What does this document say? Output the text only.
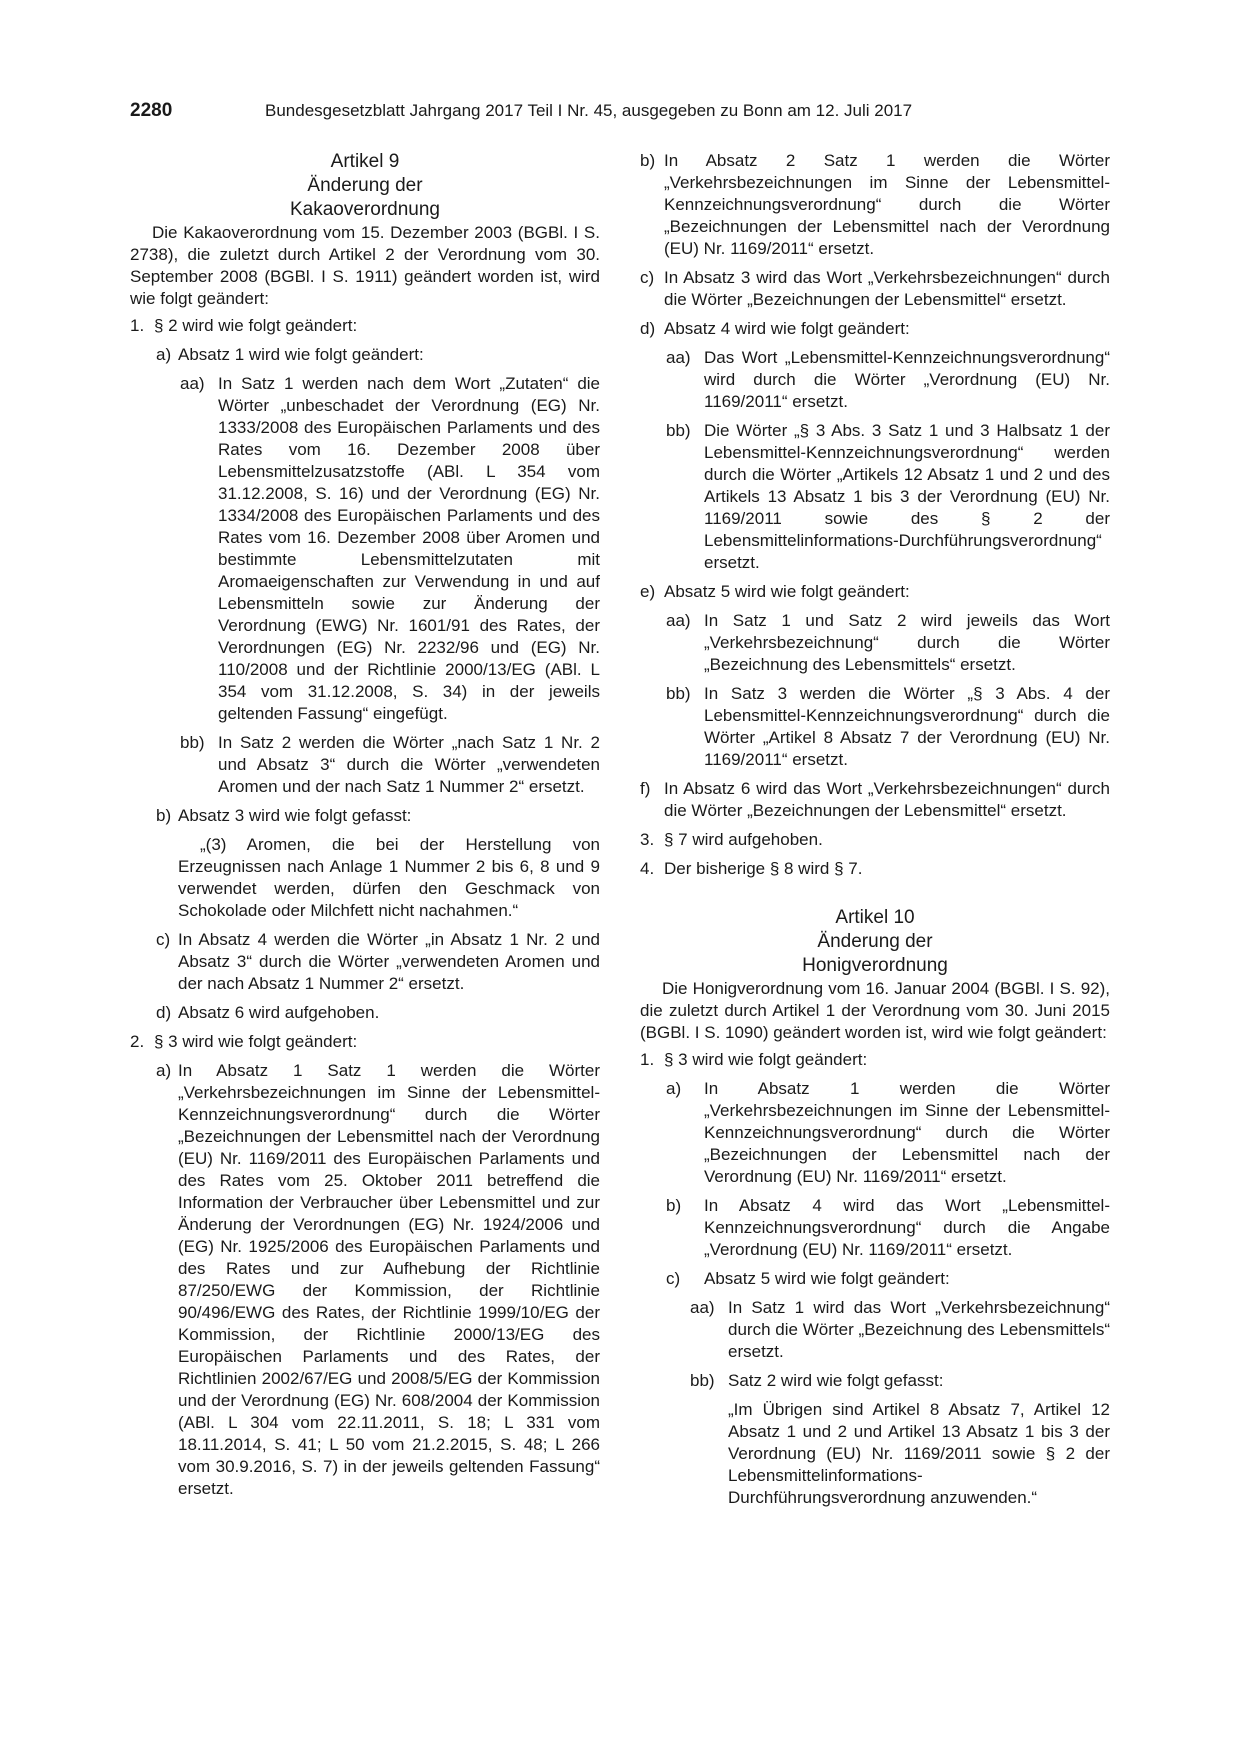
2280	Bundesgesetzblatt Jahrgang 2017 Teil I Nr. 45, ausgegeben zu Bonn am 12. Juli 2017

Artikel 9

Änderung der
Kakaoverordnung

Die Kakaoverordnung vom 15. Dezember 2003 (BGBl. I S. 2738), die zuletzt durch Artikel 2 der Verordnung vom 30. September 2008 (BGBl. I S. 1911) geändert worden ist, wird wie folgt geändert:

1. § 2 wird wie folgt geändert:

a) Absatz 1 wird wie folgt geändert:

aa) In Satz 1 werden nach dem Wort „Zutaten“ die Wörter „unbeschadet der Verordnung (EG) Nr. 1333/2008 des Europäischen Parlaments und des Rates vom 16. Dezember 2008 über Lebensmittelzusatzstoffe (ABl. L 354 vom 31.12.2008, S. 16) und der Verordnung (EG) Nr. 1334/2008 des Europäischen Parlaments und des Rates vom 16. Dezember 2008 über Aromen und bestimmte Lebensmittelzutaten mit Aromaeigenschaften zur Verwendung in und auf Lebensmitteln sowie zur Änderung der Verordnung (EWG) Nr. 1601/91 des Rates, der Verordnungen (EG) Nr. 2232/96 und (EG) Nr. 110/2008 und der Richtlinie 2000/13/EG (ABl. L 354 vom 31.12.2008, S. 34) in der jeweils geltenden Fassung“ eingefügt.

bb) In Satz 2 werden die Wörter „nach Satz 1 Nr. 2 und Absatz 3“ durch die Wörter „verwendeten Aromen und der nach Satz 1 Nummer 2“ ersetzt.

b) Absatz 3 wird wie folgt gefasst:

„(3) Aromen, die bei der Herstellung von Erzeugnissen nach Anlage 1 Nummer 2 bis 6, 8 und 9 verwendet werden, dürfen den Geschmack von Schokolade oder Milchfett nicht nachahmen.“

c) In Absatz 4 werden die Wörter „in Absatz 1 Nr. 2 und Absatz 3“ durch die Wörter „verwendeten Aromen und der nach Absatz 1 Nummer 2“ ersetzt.

d) Absatz 6 wird aufgehoben.

2. § 3 wird wie folgt geändert:

a) In Absatz 1 Satz 1 werden die Wörter „Verkehrsbezeichnungen im Sinne der Lebensmittel-Kennzeichnungsverordnung“ durch die Wörter „Bezeichnungen der Lebensmittel nach der Verordnung (EU) Nr. 1169/2011 des Europäischen Parlaments und des Rates vom 25. Oktober 2011 betreffend die Information der Verbraucher über Lebensmittel und zur Änderung der Verordnungen (EG) Nr. 1924/2006 und (EG) Nr. 1925/2006 des Europäischen Parlaments und des Rates und zur Aufhebung der Richtlinie 87/250/EWG der Kommission, der Richtlinie 90/496/EWG des Rates, der Richtlinie 1999/10/EG der Kommission, der Richtlinie 2000/13/EG des Europäischen Parlaments und des Rates, der Richtlinien 2002/67/EG und 2008/5/EG der Kommission und der Verordnung (EG) Nr. 608/2004 der Kommission (ABl. L 304 vom 22.11.2011, S. 18; L 331 vom 18.11.2014, S. 41; L 50 vom 21.2.2015, S. 48; L 266 vom 30.9.2016, S. 7) in der jeweils geltenden Fassung“ ersetzt.

b) In Absatz 2 Satz 1 werden die Wörter „Verkehrsbezeichnungen im Sinne der Lebensmittel-Kennzeichnungsverordnung“ durch die Wörter „Bezeichnungen der Lebensmittel nach der Verordnung (EU) Nr. 1169/2011“ ersetzt.

c) In Absatz 3 wird das Wort „Verkehrsbezeichnungen“ durch die Wörter „Bezeichnungen der Lebensmittel“ ersetzt.

d) Absatz 4 wird wie folgt geändert:

aa) Das Wort „Lebensmittel-Kennzeichnungsverordnung“ wird durch die Wörter „Verordnung (EU) Nr. 1169/2011“ ersetzt.

bb) Die Wörter „§ 3 Abs. 3 Satz 1 und 3 Halbsatz 1 der Lebensmittel-Kennzeichnungsverordnung“ werden durch die Wörter „Artikels 12 Absatz 1 und 2 und des Artikels 13 Absatz 1 bis 3 der Verordnung (EU) Nr. 1169/2011 sowie des § 2 der Lebensmittelinformations-Durchführungsverordnung“ ersetzt.

e) Absatz 5 wird wie folgt geändert:

aa) In Satz 1 und Satz 2 wird jeweils das Wort „Verkehrsbezeichnung“ durch die Wörter „Bezeichnung des Lebensmittels“ ersetzt.

bb) In Satz 3 werden die Wörter „§ 3 Abs. 4 der Lebensmittel-Kennzeichnungsverordnung“ durch die Wörter „Artikel 8 Absatz 7 der Verordnung (EU) Nr. 1169/2011“ ersetzt.

f) In Absatz 6 wird das Wort „Verkehrsbezeichnungen“ durch die Wörter „Bezeichnungen der Lebensmittel“ ersetzt.

3. § 7 wird aufgehoben.

4. Der bisherige § 8 wird § 7.

Artikel 10

Änderung der
Honigverordnung

Die Honigverordnung vom 16. Januar 2004 (BGBl. I S. 92), die zuletzt durch Artikel 1 der Verordnung vom 30. Juni 2015 (BGBl. I S. 1090) geändert worden ist, wird wie folgt geändert:

1. § 3 wird wie folgt geändert:

a) In Absatz 1 werden die Wörter „Verkehrsbezeichnungen im Sinne der Lebensmittel-Kennzeichnungsverordnung“ durch die Wörter „Bezeichnungen der Lebensmittel nach der Verordnung (EU) Nr. 1169/2011“ ersetzt.

b) In Absatz 4 wird das Wort „Lebensmittel-Kennzeichnungsverordnung“ durch die Angabe „Verordnung (EU) Nr. 1169/2011“ ersetzt.

c) Absatz 5 wird wie folgt geändert:

aa) In Satz 1 wird das Wort „Verkehrsbezeichnung“ durch die Wörter „Bezeichnung des Lebensmittels“ ersetzt.

bb) Satz 2 wird wie folgt gefasst:

„Im Übrigen sind Artikel 8 Absatz 7, Artikel 12 Absatz 1 und 2 und Artikel 13 Absatz 1 bis 3 der Verordnung (EU) Nr. 1169/2011 sowie § 2 der Lebensmittelinformations-Durchführungsverordnung anzuwenden.“
